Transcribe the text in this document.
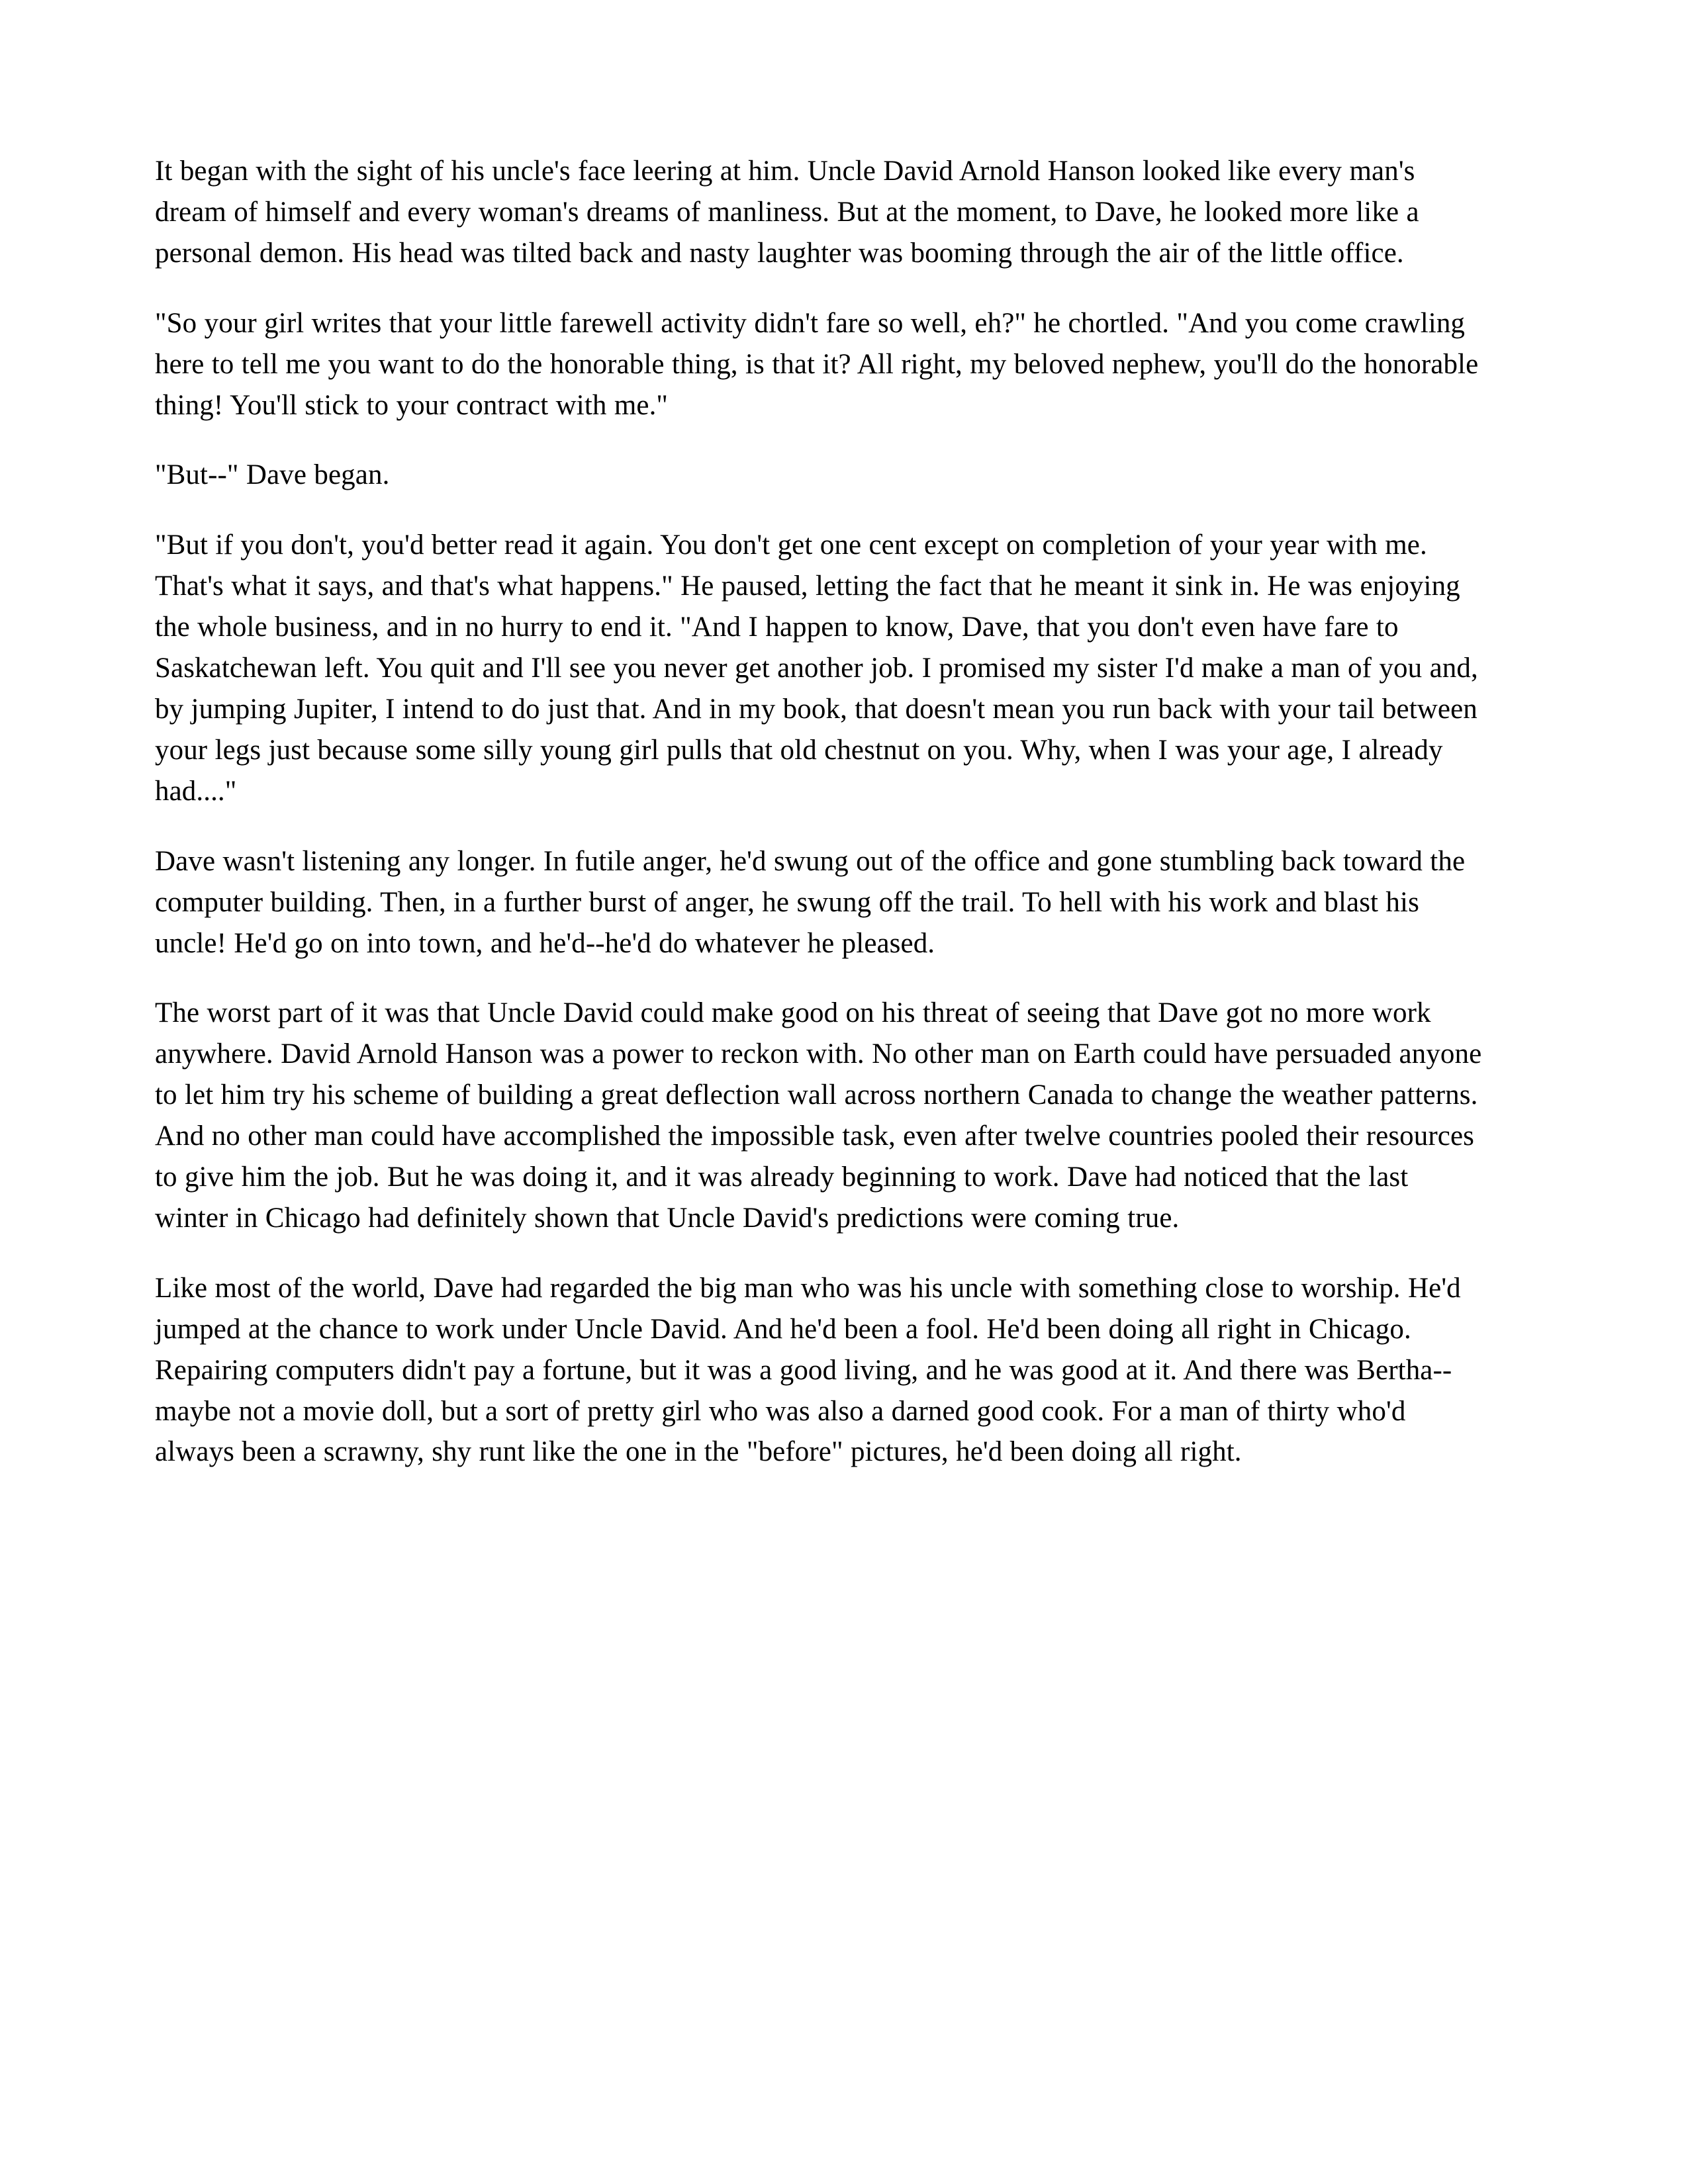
It began with the sight of his uncle's face leering at him. Uncle David Arnold Hanson looked like every man's dream of himself and every woman's dreams of manliness. But at the moment, to Dave, he looked more like a personal demon. His head was tilted back and nasty laughter was booming through the air of the little office.

"So your girl writes that your little farewell activity didn't fare so well, eh?" he chortled. "And you come crawling here to tell me you want to do the honorable thing, is that it? All right, my beloved nephew, you'll do the honorable thing! You'll stick to your contract with me."

"But--" Dave began.

"But if you don't, you'd better read it again. You don't get one cent except on completion of your year with me. That's what it says, and that's what happens." He paused, letting the fact that he meant it sink in. He was enjoying the whole business, and in no hurry to end it. "And I happen to know, Dave, that you don't even have fare to Saskatchewan left. You quit and I'll see you never get another job. I promised my sister I'd make a man of you and, by jumping Jupiter, I intend to do just that. And in my book, that doesn't mean you run back with your tail between your legs just because some silly young girl pulls that old chestnut on you. Why, when I was your age, I already had...."

Dave wasn't listening any longer. In futile anger, he'd swung out of the office and gone stumbling back toward the computer building. Then, in a further burst of anger, he swung off the trail. To hell with his work and blast his uncle! He'd go on into town, and he'd--he'd do whatever he pleased.

The worst part of it was that Uncle David could make good on his threat of seeing that Dave got no more work anywhere. David Arnold Hanson was a power to reckon with. No other man on Earth could have persuaded anyone to let him try his scheme of building a great deflection wall across northern Canada to change the weather patterns. And no other man could have accomplished the impossible task, even after twelve countries pooled their resources to give him the job. But he was doing it, and it was already beginning to work. Dave had noticed that the last winter in Chicago had definitely shown that Uncle David's predictions were coming true.

Like most of the world, Dave had regarded the big man who was his uncle with something close to worship. He'd jumped at the chance to work under Uncle David. And he'd been a fool. He'd been doing all right in Chicago. Repairing computers didn't pay a fortune, but it was a good living, and he was good at it. And there was Bertha--maybe not a movie doll, but a sort of pretty girl who was also a darned good cook. For a man of thirty who'd always been a scrawny, shy runt like the one in the "before" pictures, he'd been doing all right.
